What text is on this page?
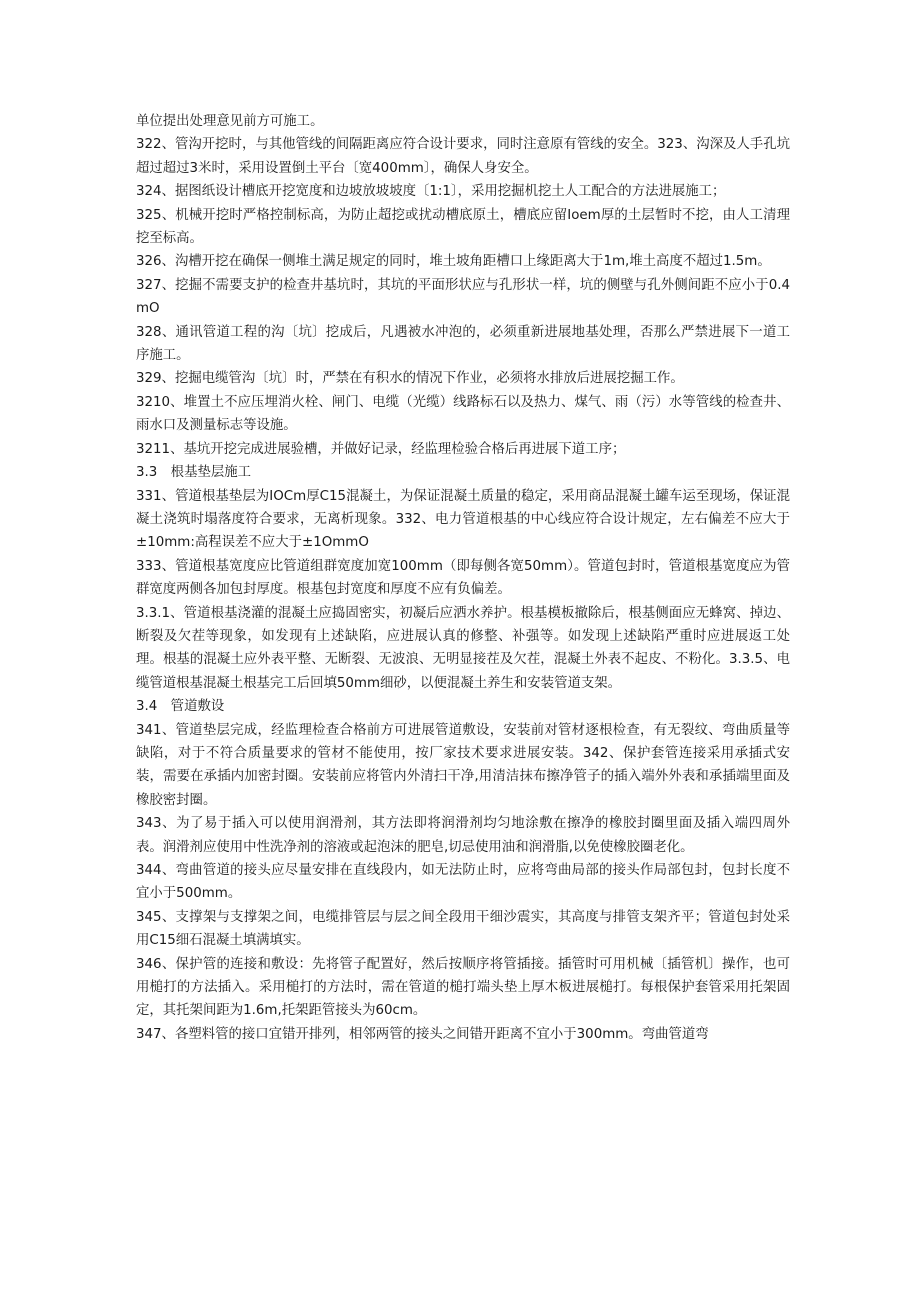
单位提出处理意见前方可施工。

322、管沟开挖时，与其他管线的间隔距离应符合设计要求，同时注意原有管线的安全。323、沟深及人手孔坑超过超过3米时，采用设置倒土平台〔宽400mm〕，确保人身安全。

324、据图纸设计槽底开挖宽度和边坡放坡坡度〔1:1〕，采用挖掘机挖土人工配合的方法进展施工；

325、机械开挖时严格控制标高，为防止超挖或扰动槽底原土，槽底应留Ioem厚的土层暂时不挖，由人工清理挖至标高。

326、沟槽开挖在确保一侧堆土满足规定的同时，堆土坡角距槽口上缘距离大于1m,堆土高度不超过1.5m。

327、挖掘不需要支护的检查井基坑时，其坑的平面形状应与孔形状一样，坑的侧壁与孔外侧间距不应小于0.4mO

328、通讯管道工程的沟〔坑〕挖成后，凡遇被水冲泡的，必须重新进展地基处理，否那么严禁进展下一道工序施工。

329、挖掘电缆管沟〔坑〕时，严禁在有积水的情况下作业，必须将水排放后进展挖掘工作。

3210、堆置土不应压埋消火栓、闸门、电缆（光缆）线路标石以及热力、煤气、雨（污）水等管线的检查井、雨水口及测量标志等设施。

3211、基坑开挖完成进展验槽，并做好记录，经监理检验合格后再进展下道工序；

3.3　根基垫层施工

331、管道根基垫层为IOCm厚C15混凝土，为保证混凝土质量的稳定，采用商品混凝土罐车运至现场，保证混凝土浇筑时塌落度符合要求，无离析现象。332、电力管道根基的中心线应符合设计规定，左右偏差不应大于±10mm:高程误差不应大于±1OmmO

333、管道根基宽度应比管道组群宽度加宽100mm（即每侧各宽50mm）。管道包封时，管道根基宽度应为管群宽度两侧各加包封厚度。根基包封宽度和厚度不应有负偏差。

3.3.1、管道根基浇灌的混凝土应捣固密实，初凝后应洒水养护。根基模板撤除后，根基侧面应无蜂窝、掉边、断裂及欠茬等现象，如发现有上述缺陷，应进展认真的修整、补强等。如发现上述缺陷严重时应进展返工处理。根基的混凝土应外表平整、无断裂、无波浪、无明显接茬及欠茬，混凝土外表不起皮、不粉化。3.3.5、电缆管道根基混凝土根基完工后回填50mm细砂，以便混凝土养生和安装管道支架。

3.4　管道敷设

341、管道垫层完成，经监理检查合格前方可进展管道敷设，安装前对管材逐根检查，有无裂纹、弯曲质量等缺陷，对于不符合质量要求的管材不能使用，按厂家技术要求进展安装。342、保护套管连接采用承插式安装，需要在承插内加密封圈。安装前应将管内外清扫干净,用清洁抹布擦净管子的插入端外外表和承插端里面及橡胶密封圈。

343、为了易于插入可以使用润滑剂，其方法即将润滑剂均匀地涂敷在擦净的橡胶封圈里面及插入端四周外表。润滑剂应使用中性洗净剂的溶液或起泡沫的肥皂,切忌使用油和润滑脂,以免使橡胶圈老化。

344、弯曲管道的接头应尽量安排在直线段内，如无法防止时，应将弯曲局部的接头作局部包封，包封长度不宜小于500mm。

345、支撑架与支撑架之间，电缆排管层与层之间全段用干细沙震实，其高度与排管支架齐平；管道包封处采用C15细石混凝土填满填实。

346、保护管的连接和敷设：先将管子配置好，然后按顺序将管插接。插管时可用机械〔插管机〕操作，也可用槌打的方法插入。采用槌打的方法时，需在管道的槌打端头垫上厚木板进展槌打。每根保护套管采用托架固定，其托架间距为1.6m,托架距管接头为60cm。

347、各塑料管的接口宜错开排列，相邻两管的接头之间错开距离不宜小于300mm。弯曲管道弯
